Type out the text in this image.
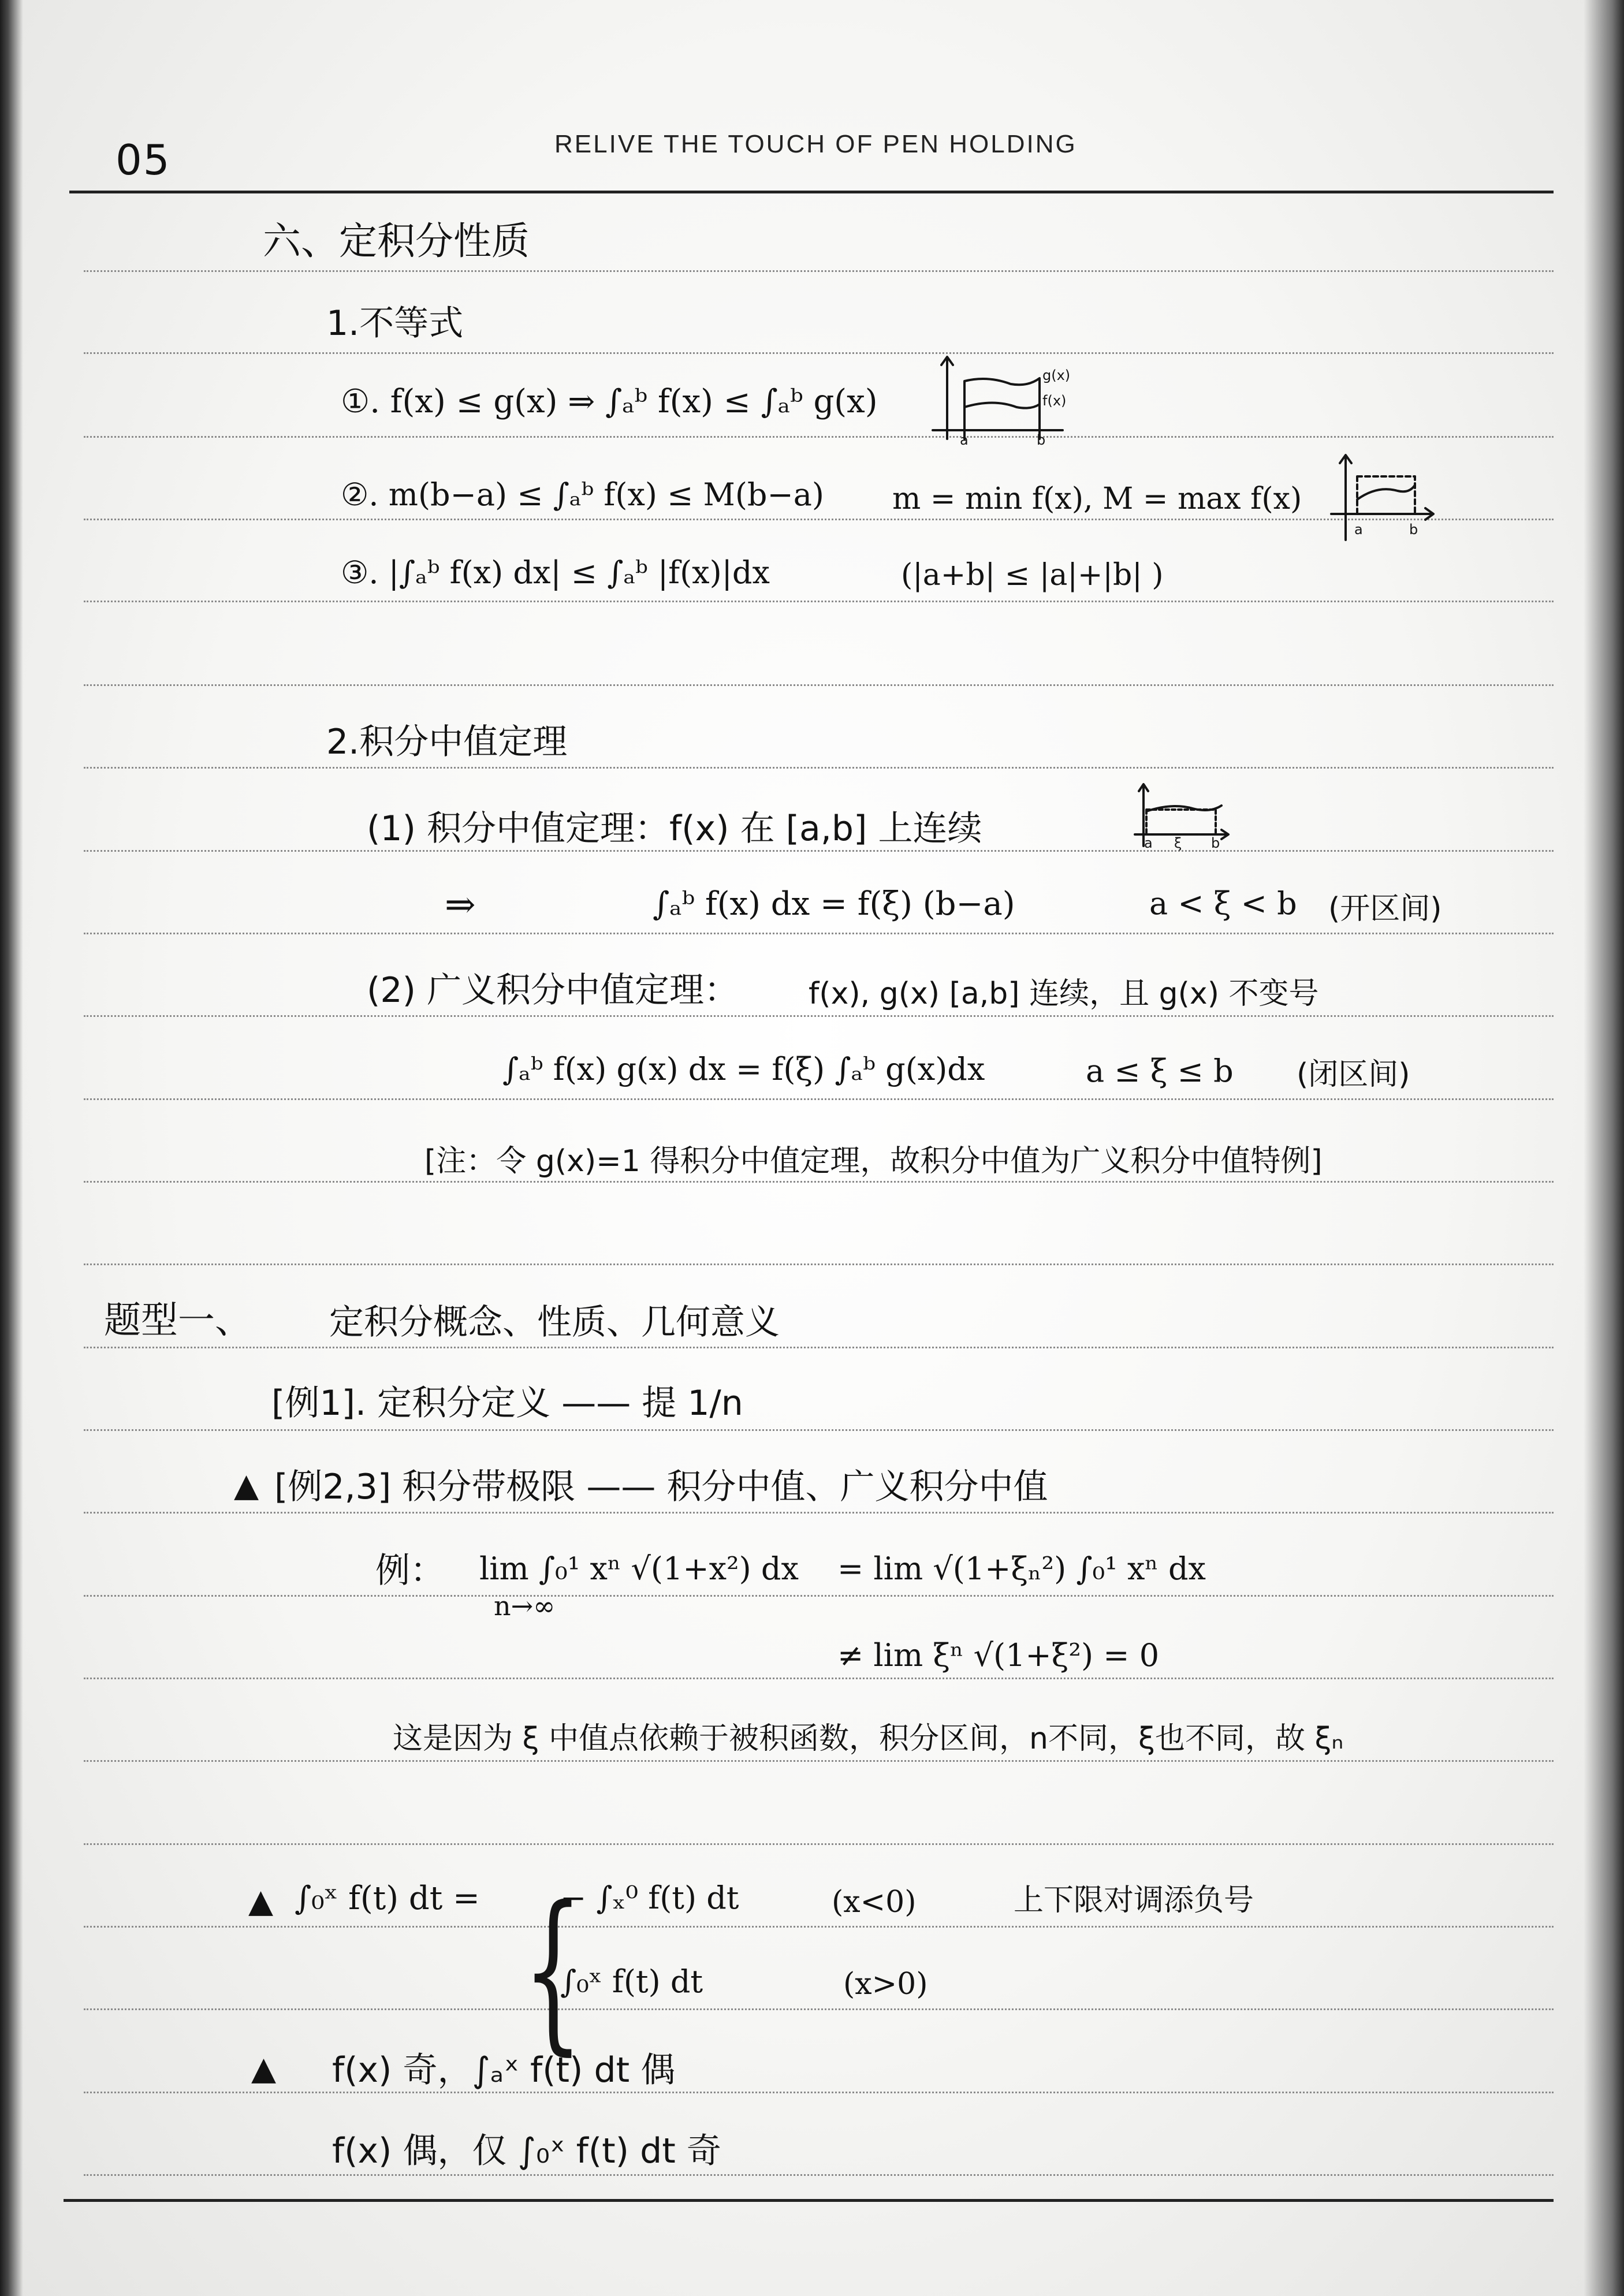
05	RELIVE THE TOUCH OF PEN HOLDING
六、定积分性质
1.不等式
①. f(x) ≤ g(x) ⇒ ∫ₐᵇ f(x) ≤ ∫ₐᵇ g(x)
g(x)
f(x)
a	b
②. m(b−a) ≤ ∫ₐᵇ f(x) ≤ M(b−a) m = min f(x), M = max f(x)
a	b
③. |∫ₐᵇ f(x) dx| ≤ ∫ₐᵇ |f(x)|dx	(|a+b| ≤ |a|+|b| )
2.积分中值定理
(1) 积分中值定理：f(x) 在 [a,b] 上连续	a ξ b
⇒	∫ₐᵇ f(x) dx = f(ξ) (b−a)	a < ξ < b (开区间)
(2) 广义积分中值定理： f(x), g(x) [a,b] 连续，且 g(x) 不变号
∫ₐᵇ f(x) g(x) dx = f(ξ) ∫ₐᵇ g(x)dx	a ≤ ξ ≤ b (闭区间)
[注：令 g(x)=1 得积分中值定理，故积分中值为广义积分中值特例]
题型一、 定积分概念、性质、几何意义
[例1]. 定积分定义 —— 提 1/n
▲ [例2,3] 积分带极限 —— 积分中值、广义积分中值
例： lim ∫₀¹ xⁿ √(1+x²) dx
n→∞
= lim √(1+ξₙ²) ∫₀¹ xⁿ dx
≠ lim ξⁿ √(1+ξ²) = 0
这是因为 ξ 中值点依赖于被积函数，积分区间，n不同，ξ也不同，故 ξₙ
▲ ∫₀ˣ f(t) dt = {
− ∫ₓ⁰ f(t) dt	(x<0)	上下限对调添负号
∫₀ˣ f(t) dt	(x>0)
▲ f(x) 奇，∫ₐˣ f(t) dt 偶
f(x) 偶，仅 ∫₀ˣ f(t) dt 奇
